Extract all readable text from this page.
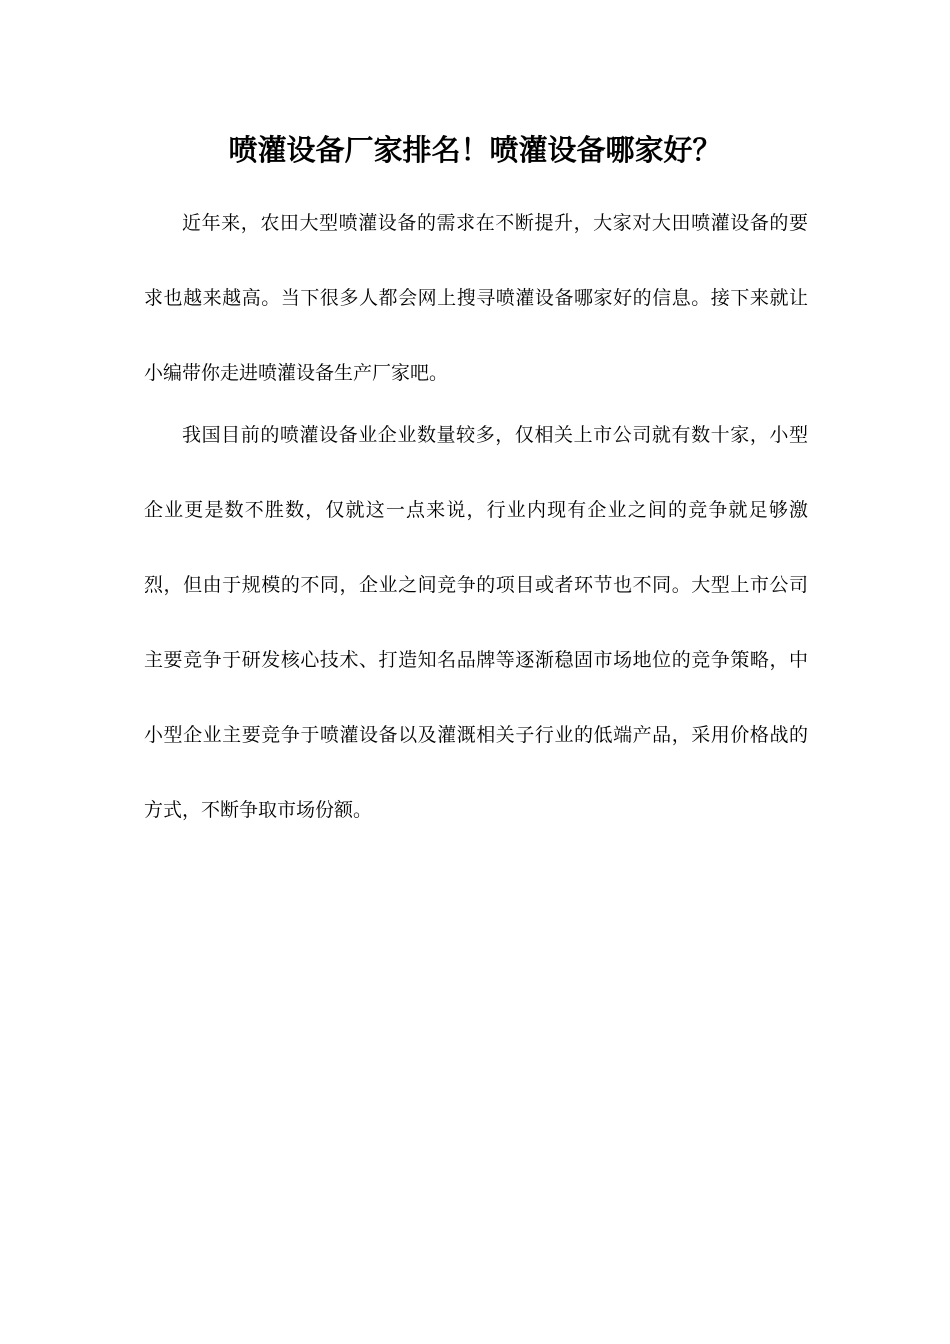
喷灌设备厂家排名！喷灌设备哪家好？

近年来，农田大型喷灌设备的需求在不断提升，大家对大田喷灌设备的要求也越来越高。当下很多人都会网上搜寻喷灌设备哪家好的信息。接下来就让小编带你走进喷灌设备生产厂家吧。

我国目前的喷灌设备业企业数量较多，仅相关上市公司就有数十家，小型企业更是数不胜数，仅就这一点来说，行业内现有企业之间的竞争就足够激烈，但由于规模的不同，企业之间竞争的项目或者环节也不同。大型上市公司主要竞争于研发核心技术、打造知名品牌等逐渐稳固市场地位的竞争策略，中小型企业主要竞争于喷灌设备以及灌溉相关子行业的低端产品，采用价格战的方式，不断争取市场份额。
